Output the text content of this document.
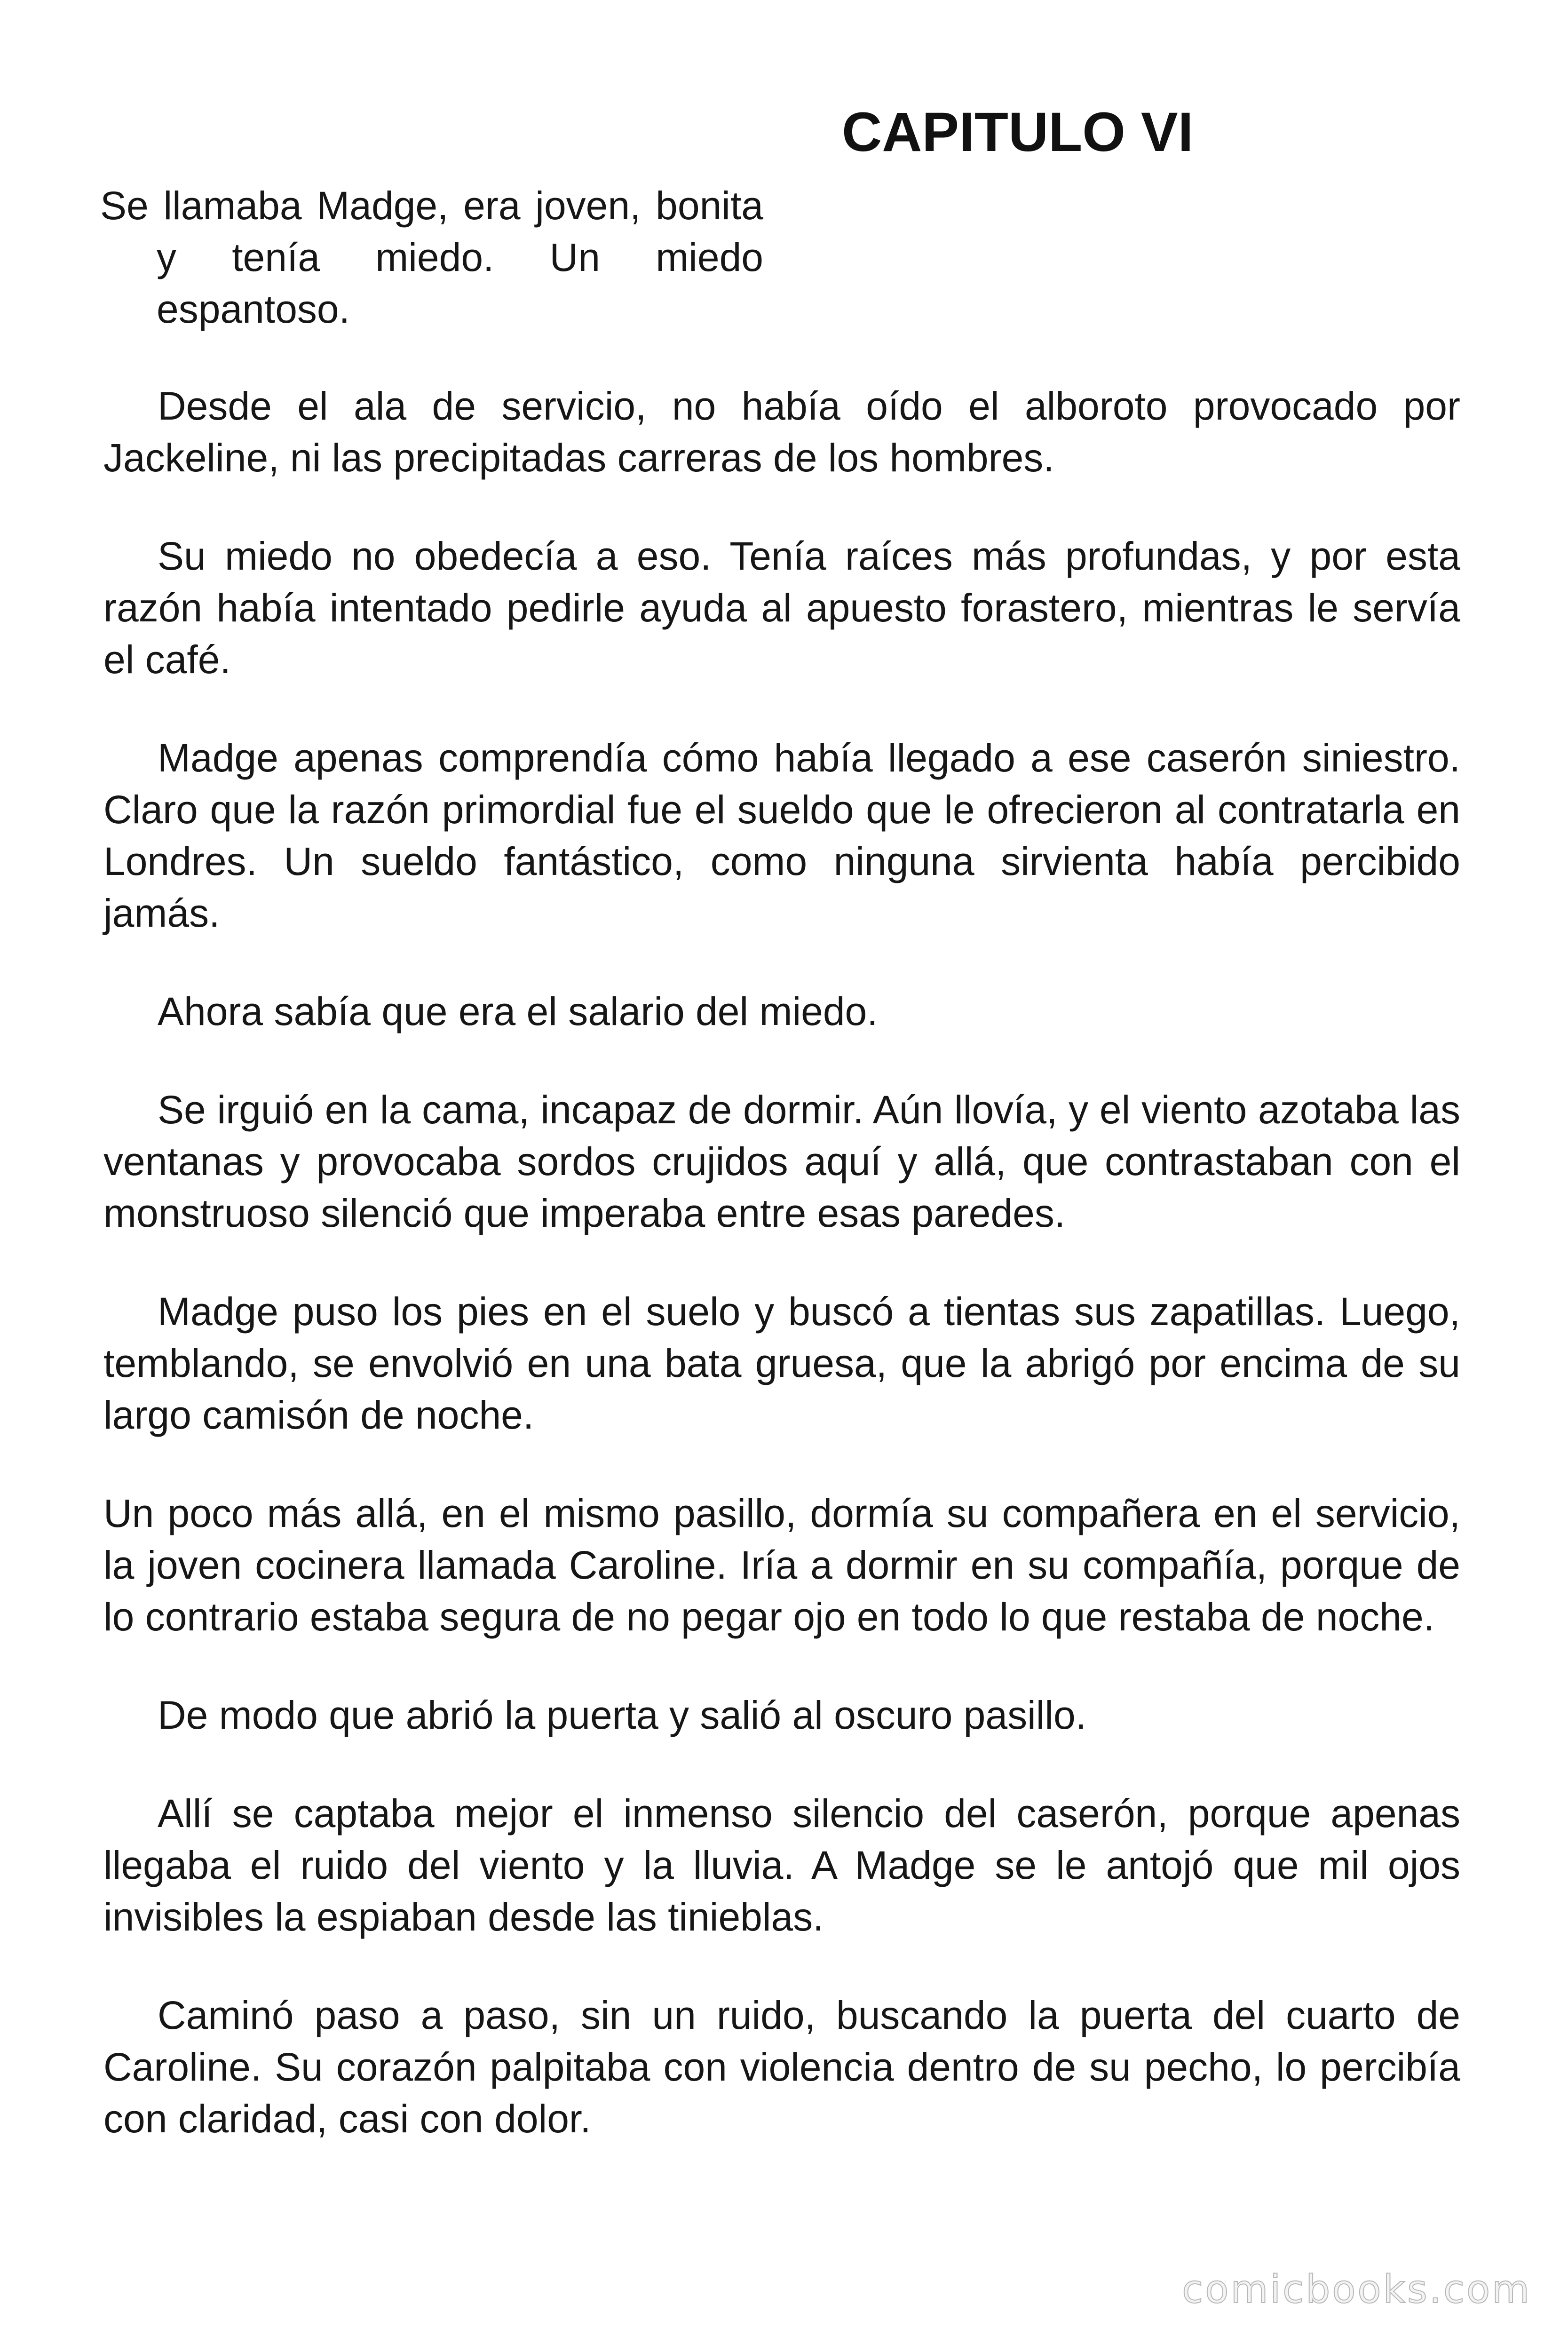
CAPITULO VI

Se llamaba Madge, era joven, bonita y tenía miedo. Un miedo espantoso.

Desde el ala de servicio, no había oído el alboroto provocado por Jackeline, ni las precipitadas carreras de los hombres.

Su miedo no obedecía a eso. Tenía raíces más profundas, y por esta razón había intentado pedirle ayuda al apuesto forastero, mientras le servía el café.

Madge apenas comprendía cómo había llegado a ese caserón siniestro. Claro que la razón primordial fue el sueldo que le ofrecieron al contratarla en Londres. Un sueldo fantástico, como ninguna sirvienta había percibido jamás.

Ahora sabía que era el salario del miedo.

Se irguió en la cama, incapaz de dormir. Aún llovía, y el viento azotaba las ventanas y provocaba sordos crujidos aquí y allá, que contrastaban con el monstruoso silenció que imperaba entre esas paredes.

Madge puso los pies en el suelo y buscó a tientas sus zapatillas. Luego, temblando, se envolvió en una bata gruesa, que la abrigó por encima de su largo camisón de noche.

Un poco más allá, en el mismo pasillo, dormía su compañera en el servicio, la joven cocinera llamada Caroline. Iría a dormir en su compañía, porque de lo contrario estaba segura de no pegar ojo en todo lo que restaba de noche.

De modo que abrió la puerta y salió al oscuro pasillo.

Allí se captaba mejor el inmenso silencio del caserón, porque apenas llegaba el ruido del viento y la lluvia. A Madge se le antojó que mil ojos invisibles la espiaban desde las tinieblas.

Caminó paso a paso, sin un ruido, buscando la puerta del cuarto de Caroline. Su corazón palpitaba con violencia dentro de su pecho, lo percibía con claridad, casi con dolor.

comicbooks.com
